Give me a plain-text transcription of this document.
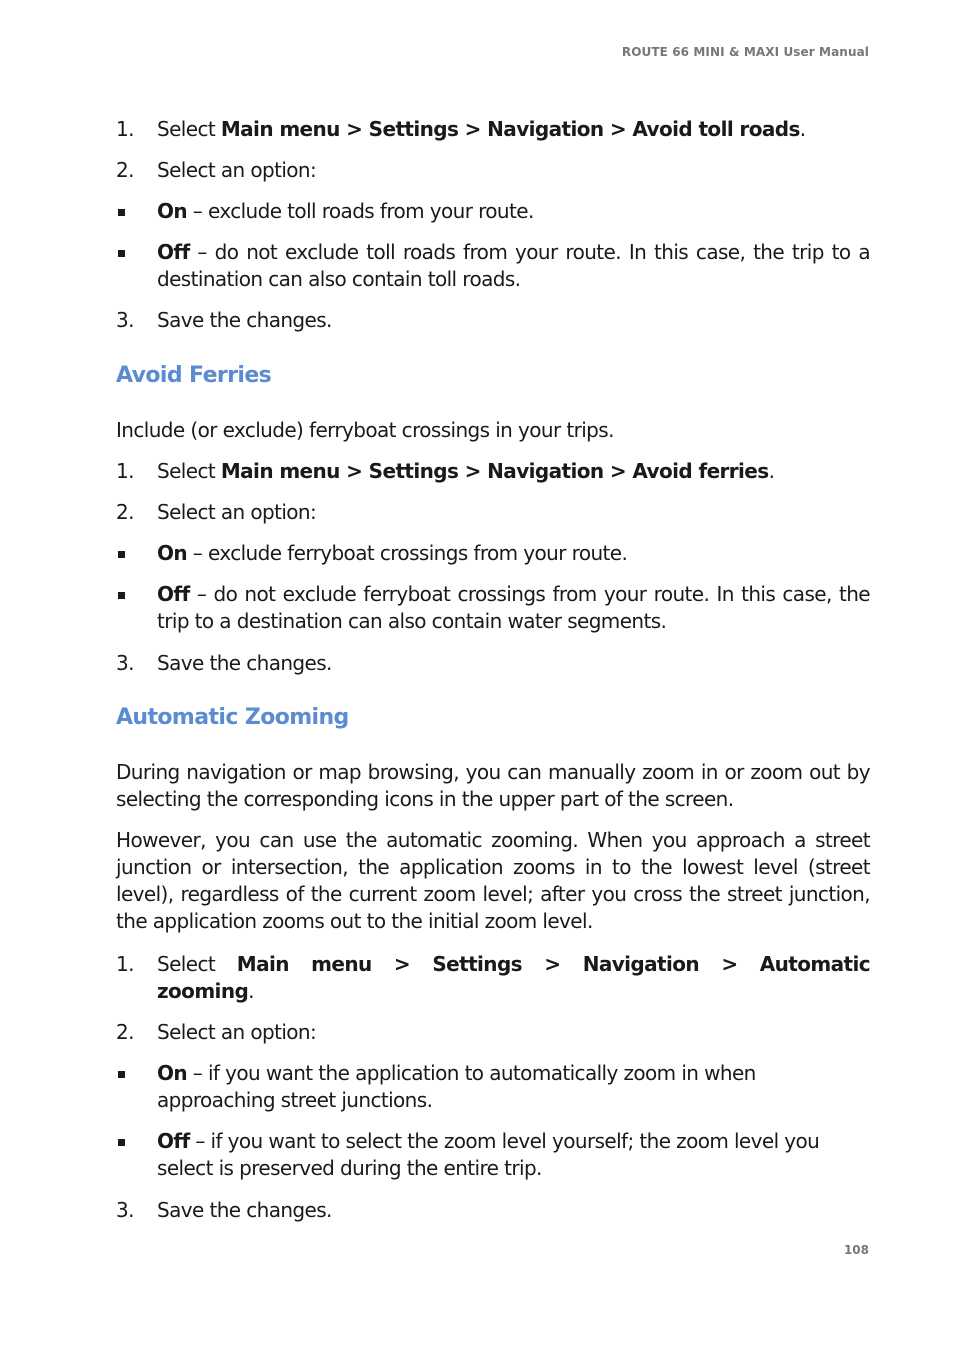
ROUTE 66 MINI & MAXI User Manual
1.	Select Main menu > Settings > Navigation > Avoid toll roads.
2.	Select an option:
On – exclude toll roads from your route.
Off – do not exclude toll roads from your route. In this case, the trip to a destination can also contain toll roads.
3.	Save the changes.
Avoid Ferries
Include (or exclude) ferryboat crossings in your trips.
1.	Select Main menu > Settings > Navigation > Avoid ferries.
2.	Select an option:
On – exclude ferryboat crossings from your route.
Off – do not exclude ferryboat crossings from your route. In this case, the trip to a destination can also contain water segments.
3.	Save the changes.
Automatic Zooming
During navigation or map browsing, you can manually zoom in or zoom out by selecting the corresponding icons in the upper part of the screen.
However, you can use the automatic zooming. When you approach a street junction or intersection, the application zooms in to the lowest level (street level), regardless of the current zoom level; after you cross the street junction, the application zooms out to the initial zoom level.
1.	Select Main menu > Settings > Navigation > Automatic zooming.
2.	Select an option:
On – if you want the application to automatically zoom in when approaching street junctions.
Off – if you want to select the zoom level yourself; the zoom level you select is preserved during the entire trip.
3.	Save the changes.
108
